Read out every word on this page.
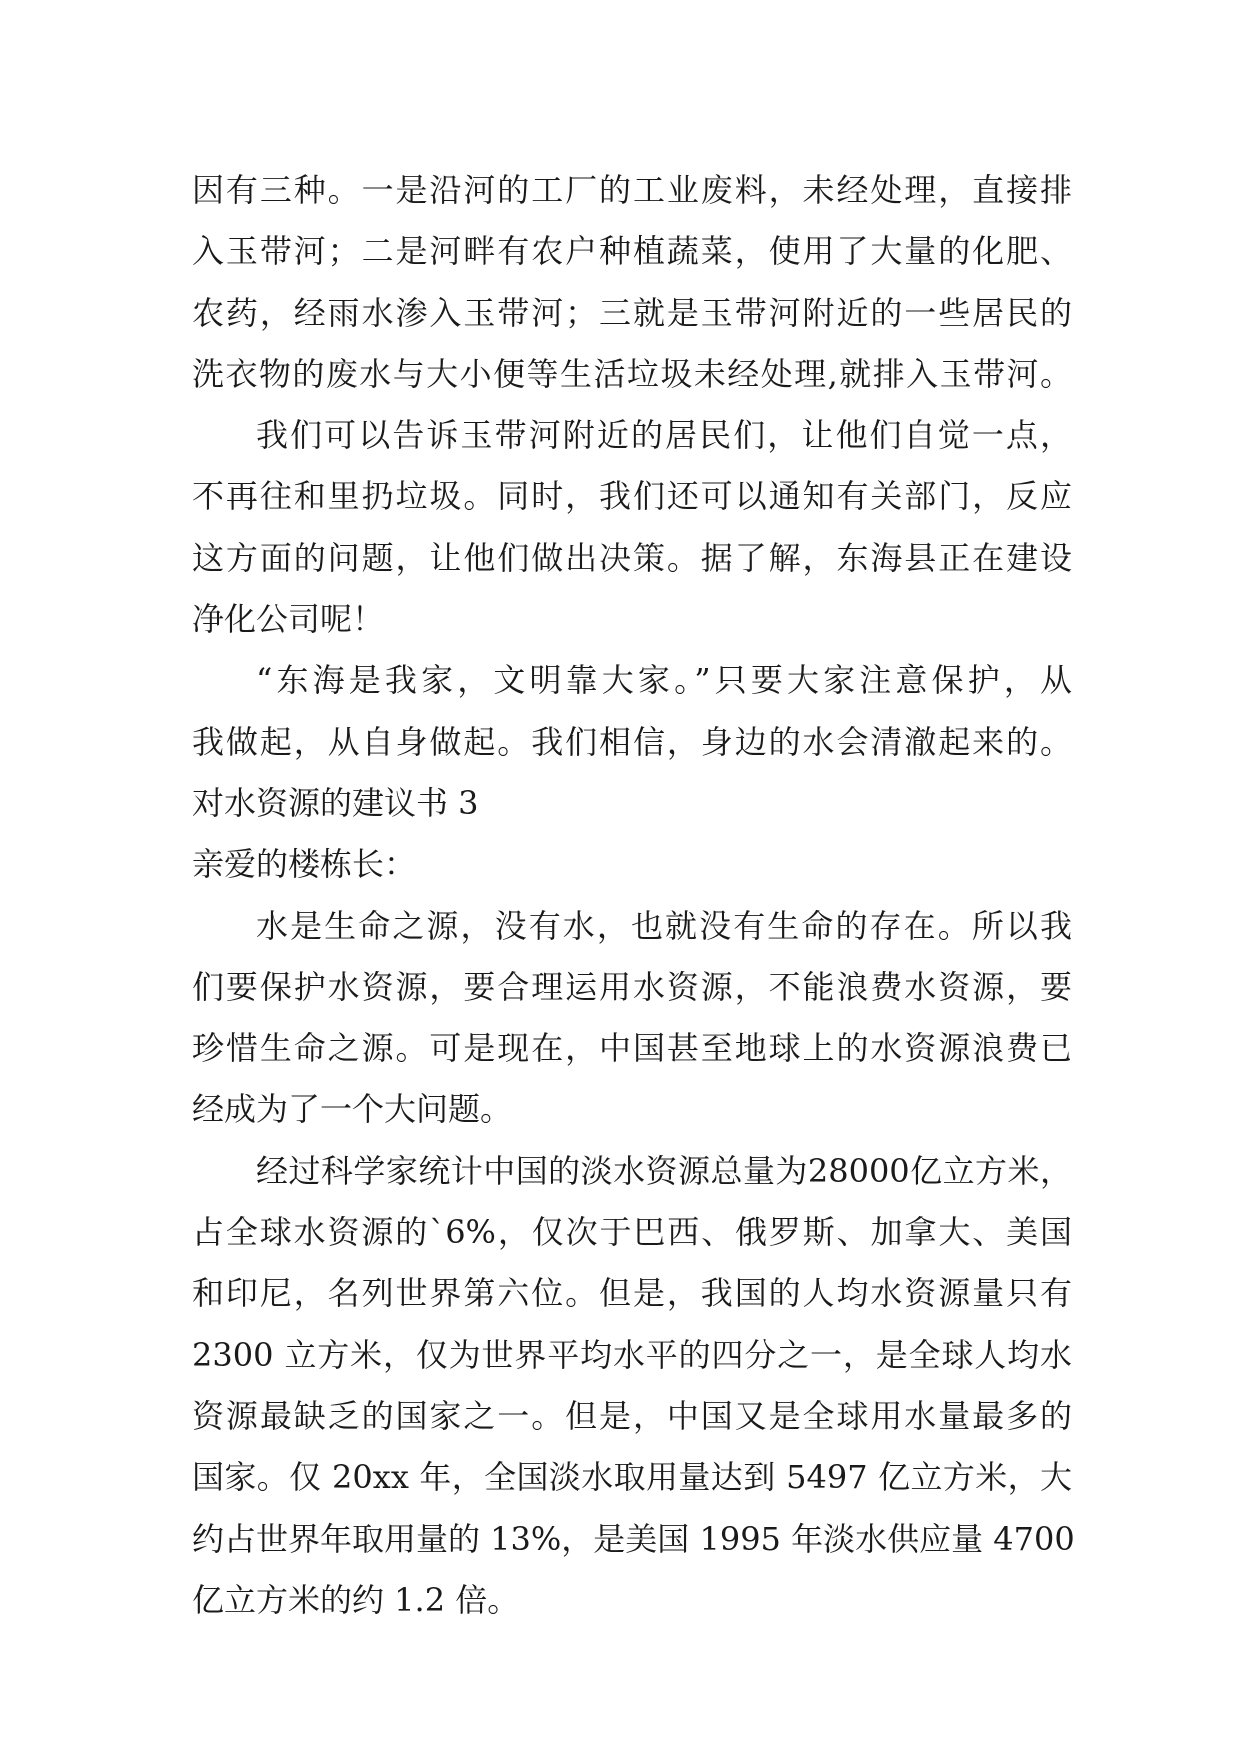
因有三种。一是沿河的工厂的工业废料，未经处理，直接排
入玉带河；二是河畔有农户种植蔬菜，使用了大量的化肥、
农药，经雨水渗入玉带河；三就是玉带河附近的一些居民的
洗衣物的废水与大小便等生活垃圾未经处理,就排入玉带河。
我们可以告诉玉带河附近的居民们，让他们自觉一点，
不再往和里扔垃圾。同时，我们还可以通知有关部门，反应
这方面的问题，让他们做出决策。据了解，东海县正在建设
净化公司呢！
“东海是我家，文明靠大家。”只要大家注意保护，从
我做起，从自身做起。我们相信，身边的水会清澈起来的。
对水资源的建议书 3
亲爱的楼栋长：
水是生命之源，没有水，也就没有生命的存在。所以我
们要保护水资源，要合理运用水资源，不能浪费水资源，要
珍惜生命之源。可是现在，中国甚至地球上的水资源浪费已
经成为了一个大问题。
经过科学家统计中国的淡水资源总量为28000亿立方米，
占全球水资源的`6%，仅次于巴西、俄罗斯、加拿大、美国
和印尼，名列世界第六位。但是，我国的人均水资源量只有
2300 立方米，仅为世界平均水平的四分之一，是全球人均水
资源最缺乏的国家之一。但是，中国又是全球用水量最多的
国家。仅 20xx 年，全国淡水取用量达到 5497 亿立方米，大
约占世界年取用量的 13%，是美国 1995 年淡水供应量 4700
亿立方米的约 1.2 倍。
